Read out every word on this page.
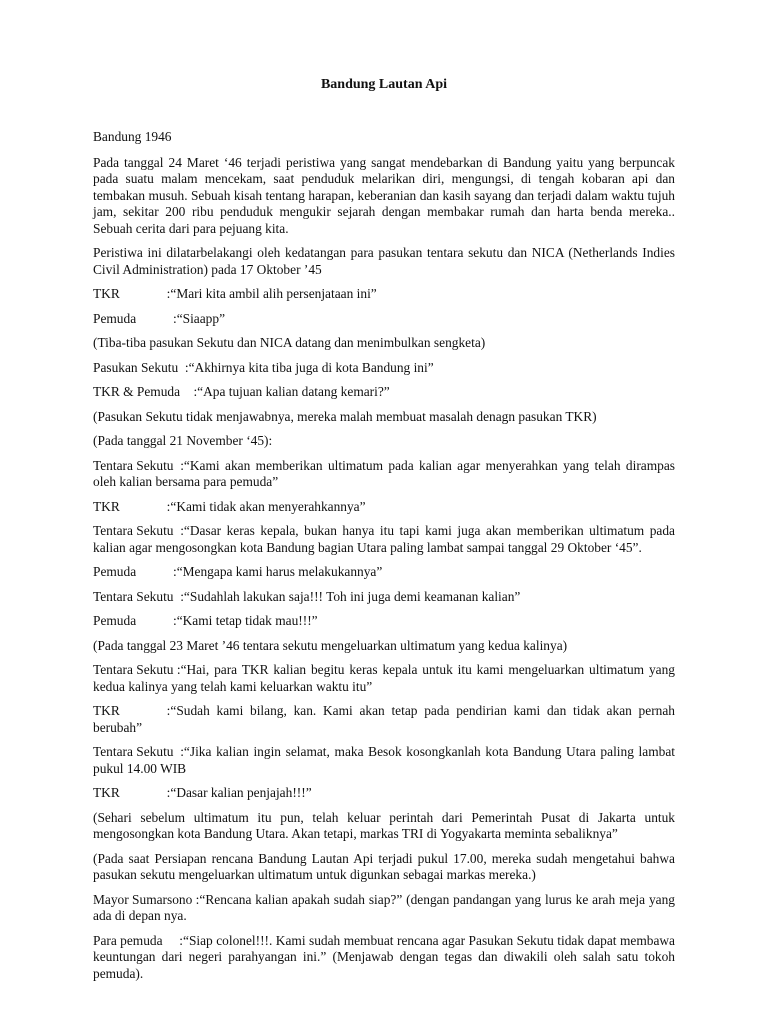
Bandung Lautan Api

Bandung 1946

Pada tanggal 24 Maret ‘46 terjadi peristiwa yang sangat mendebarkan di Bandung yaitu yang berpuncak pada suatu malam mencekam, saat penduduk melarikan diri, mengungsi, di tengah kobaran api dan tembakan musuh. Sebuah kisah tentang harapan, keberanian dan kasih sayang dan terjadi dalam waktu tujuh jam, sekitar 200 ribu penduduk mengukir sejarah dengan membakar rumah dan harta benda mereka.. Sebuah cerita dari para pejuang kita.

Peristiwa ini dilatarbelakangi oleh kedatangan para pasukan tentara sekutu dan NICA (Netherlands Indies Civil Administration) pada 17 Oktober ’45

TKR              :“Mari kita ambil alih persenjataan ini”

Pemuda           :“Siaapp”

(Tiba-tiba pasukan Sekutu dan NICA datang dan menimbulkan sengketa)

Pasukan Sekutu  :“Akhirnya kita tiba juga di kota Bandung ini”

TKR & Pemuda    :“Apa tujuan kalian datang kemari?”

(Pasukan Sekutu tidak menjawabnya, mereka malah membuat masalah denagn pasukan TKR)

(Pada tanggal 21 November ‘45):

Tentara Sekutu  :“Kami akan memberikan ultimatum pada kalian agar menyerahkan yang telah dirampas oleh kalian bersama para pemuda”

TKR              :“Kami tidak akan menyerahkannya”

Tentara Sekutu  :“Dasar keras kepala, bukan hanya itu tapi kami juga akan memberikan ultimatum pada kalian agar mengosongkan kota Bandung bagian Utara paling lambat sampai tanggal 29 Oktober ‘45”.

Pemuda           :“Mengapa kami harus melakukannya”

Tentara Sekutu  :“Sudahlah lakukan saja!!! Toh ini juga demi keamanan kalian”

Pemuda           :“Kami tetap tidak mau!!!”

(Pada tanggal 23 Maret ’46 tentara sekutu mengeluarkan ultimatum yang kedua kalinya)

Tentara Sekutu :“Hai, para TKR kalian begitu keras kepala untuk itu kami mengeluarkan ultimatum yang kedua kalinya yang telah kami keluarkan waktu itu”

TKR              :“Sudah kami bilang, kan. Kami akan tetap pada pendirian kami dan tidak akan pernah berubah”

Tentara Sekutu  :“Jika kalian ingin selamat, maka Besok kosongkanlah kota Bandung Utara paling lambat pukul 14.00 WIB

TKR              :“Dasar kalian penjajah!!!”

(Sehari sebelum ultimatum itu pun, telah keluar perintah dari Pemerintah Pusat di Jakarta untuk mengosongkan kota Bandung Utara. Akan tetapi, markas TRI di Yogyakarta meminta sebaliknya”

(Pada saat Persiapan rencana Bandung Lautan Api terjadi pukul 17.00, mereka sudah mengetahui bahwa pasukan sekutu mengeluarkan ultimatum untuk digunkan sebagai markas mereka.)

Mayor Sumarsono :“Rencana kalian apakah sudah siap?” (dengan pandangan yang lurus ke arah meja yang ada di depan nya.

Para pemuda     :“Siap colonel!!!. Kami sudah membuat rencana agar Pasukan Sekutu tidak dapat membawa keuntungan dari negeri parahyangan ini.” (Menjawab dengan tegas dan diwakili oleh salah satu tokoh pemuda).
